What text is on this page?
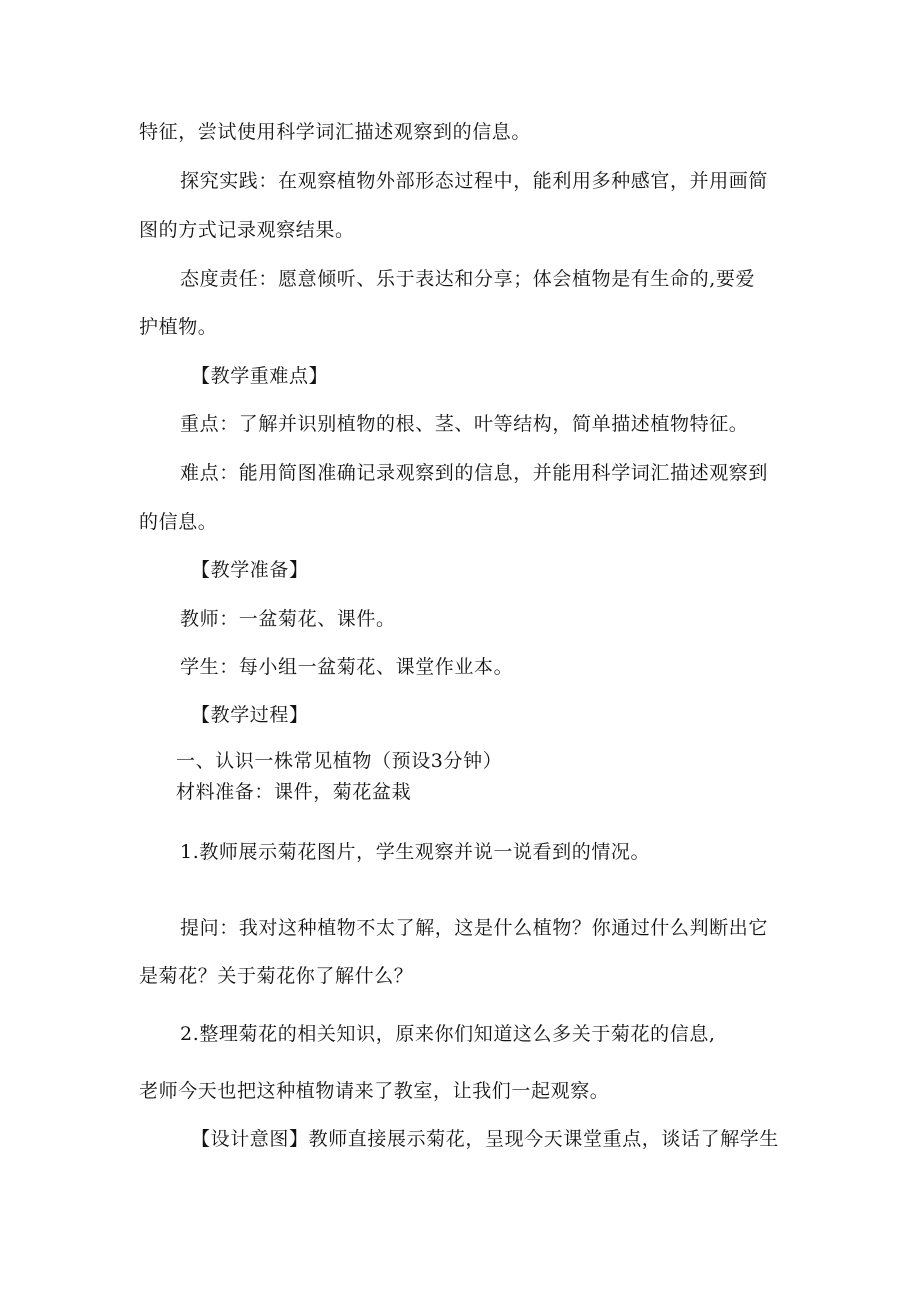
特征，尝试使用科学词汇描述观察到的信息。
探究实践：在观察植物外部形态过程中，能利用多种感官，并用画简
图的方式记录观察结果。
态度责任：愿意倾听、乐于表达和分享；体会植物是有生命的,要爱
护植物。
【教学重难点】
重点：了解并识别植物的根、茎、叶等结构，简单描述植物特征。
难点：能用简图准确记录观察到的信息，并能用科学词汇描述观察到
的信息。
【教学准备】
教师：一盆菊花、课件。
学生：每小组一盆菊花、课堂作业本。
【教学过程】
一、认识一株常见植物（预设3分钟）
材料准备：课件，菊花盆栽
1.教师展示菊花图片，学生观察并说一说看到的情况。
提问：我对这种植物不太了解，这是什么植物？你通过什么判断出它
是菊花？关于菊花你了解什么？
2.整理菊花的相关知识，原来你们知道这么多关于菊花的信息,
老师今天也把这种植物请来了教室，让我们一起观察。
【设计意图】教师直接展示菊花，呈现今天课堂重点，谈话了解学生
